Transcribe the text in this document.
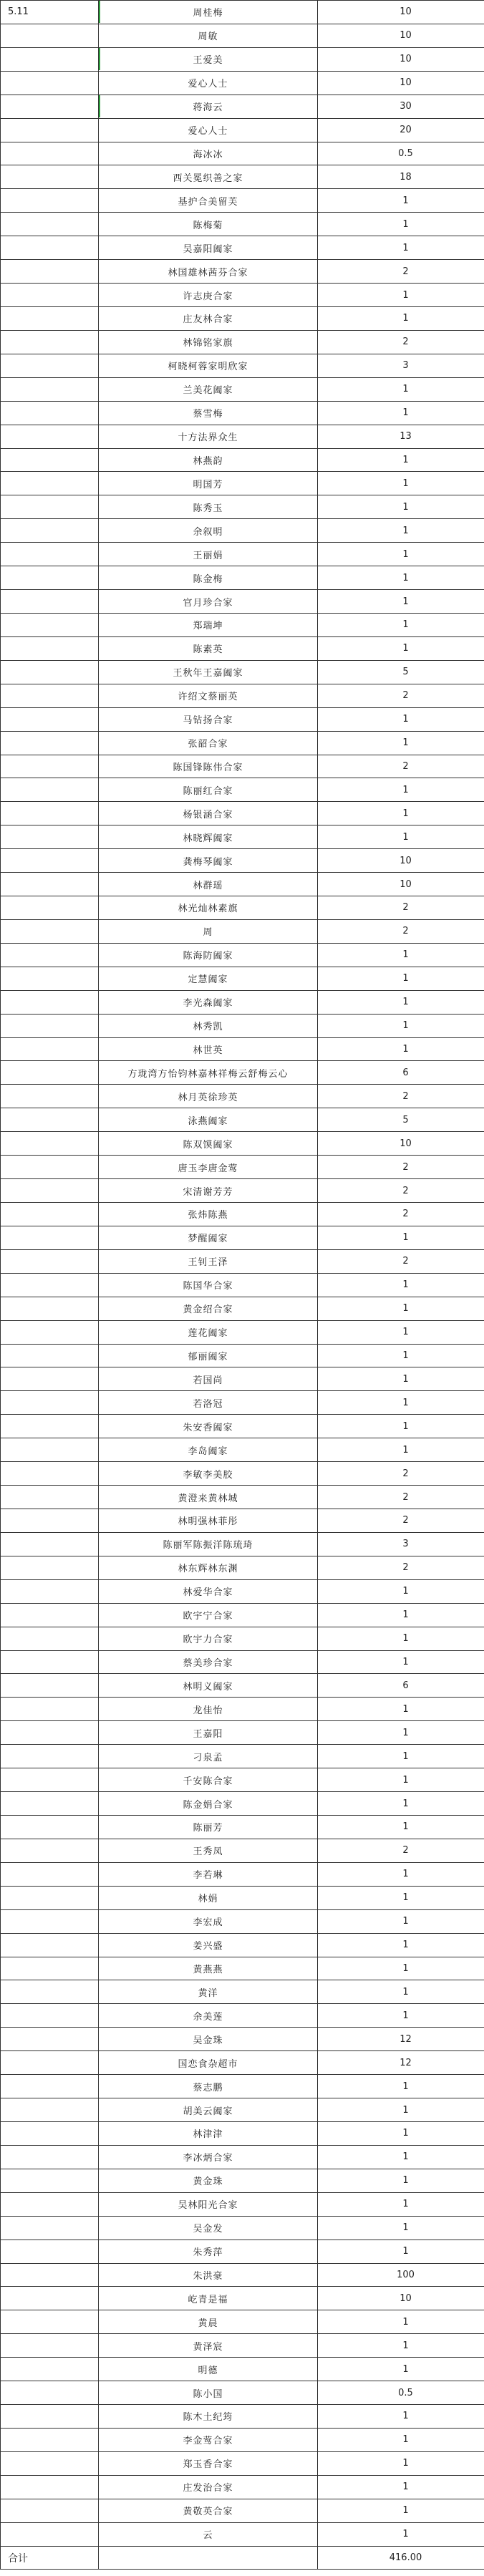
5.11	周桂梅	10
	周敏	10
	王爱美	10
	爱心人士	10
	蒋海云	30
	爱心人士	20
	海冰冰	0.5
	西关冕织善之家	18
	基护合美留芙	1
	陈梅菊	1
	吴嘉阳阖家	1
	林国雄林茜芬合家	2
	许志庚合家	1
	庄友林合家	1
	林锦铭家旗	2
	柯晓柯蓉家明欣家	3
	兰美花阖家	1
	蔡雪梅	1
	十方法界众生	13
	林燕韵	1
	明国芳	1
	陈秀玉	1
	余叙明	1
	王丽娟	1
	陈金梅	1
	官月珍合家	1
	郑瑞坤	1
	陈素英	1
	王秋年王嘉阖家	5
	许绍文蔡丽英	2
	马钻扬合家	1
	张韶合家	1
	陈国锋陈伟合家	2
	陈丽红合家	1
	杨银涵合家	1
	林晓辉阖家	1
	龚梅琴阖家	10
	林群瑶	10
	林光灿林素旗	2
	周	2
	陈海防阖家	1
	定慧阖家	1
	李光森阖家	1
	林秀凯	1
	林世英	1
	方珑湾方怡钧林嘉林祥梅云舒梅云心	6
	林月英徐珍英	2
	泳燕阖家	5
	陈双馍阖家	10
	唐玉李唐金莺	2
	宋清谢芳芳	2
	张炜陈燕	2
	梦醒阖家	1
	王钊王泽	2
	陈国华合家	1
	黄金绍合家	1
	莲花阖家	1
	郁丽阖家	1
	若国尚	1
	若洛冠	1
	朱安香阖家	1
	李岛阖家	1
	李敏李美胶	2
	黄澄来黄林城	2
	林明强林菲彤	2
	陈丽军陈振洋陈琉琦	3
	林东辉林东渊	2
	林爱华合家	1
	欧宇宁合家	1
	欧宇力合家	1
	蔡美珍合家	1
	林明义阖家	6
	龙佳怡	1
	王嘉阳	1
	刁泉孟	1
	千安陈合家	1
	陈金娟合家	1
	陈丽芳	1
	王秀凤	2
	李若琳	1
	林娟	1
	李宏成	1
	姜兴盛	1
	黄燕燕	1
	黄洋	1
	余美莲	1
	吴金珠	12
	国恋食杂超市	12
	蔡志鹏	1
	胡美云阖家	1
	林津津	1
	李冰炳合家	1
	黄金珠	1
	吴林阳光合家	1
	吴金发	1
	朱秀萍	1
	朱洪豪	100
	屹青是福	10
	黄晨	1
	黄泽宸	1
	明德	1
	陈小国	0.5
	陈木土纪筠	1
	李金莺合家	1
	郑玉香合家	1
	庄发治合家	1
	黄敬英合家	1
	云	1
合计		416.00
